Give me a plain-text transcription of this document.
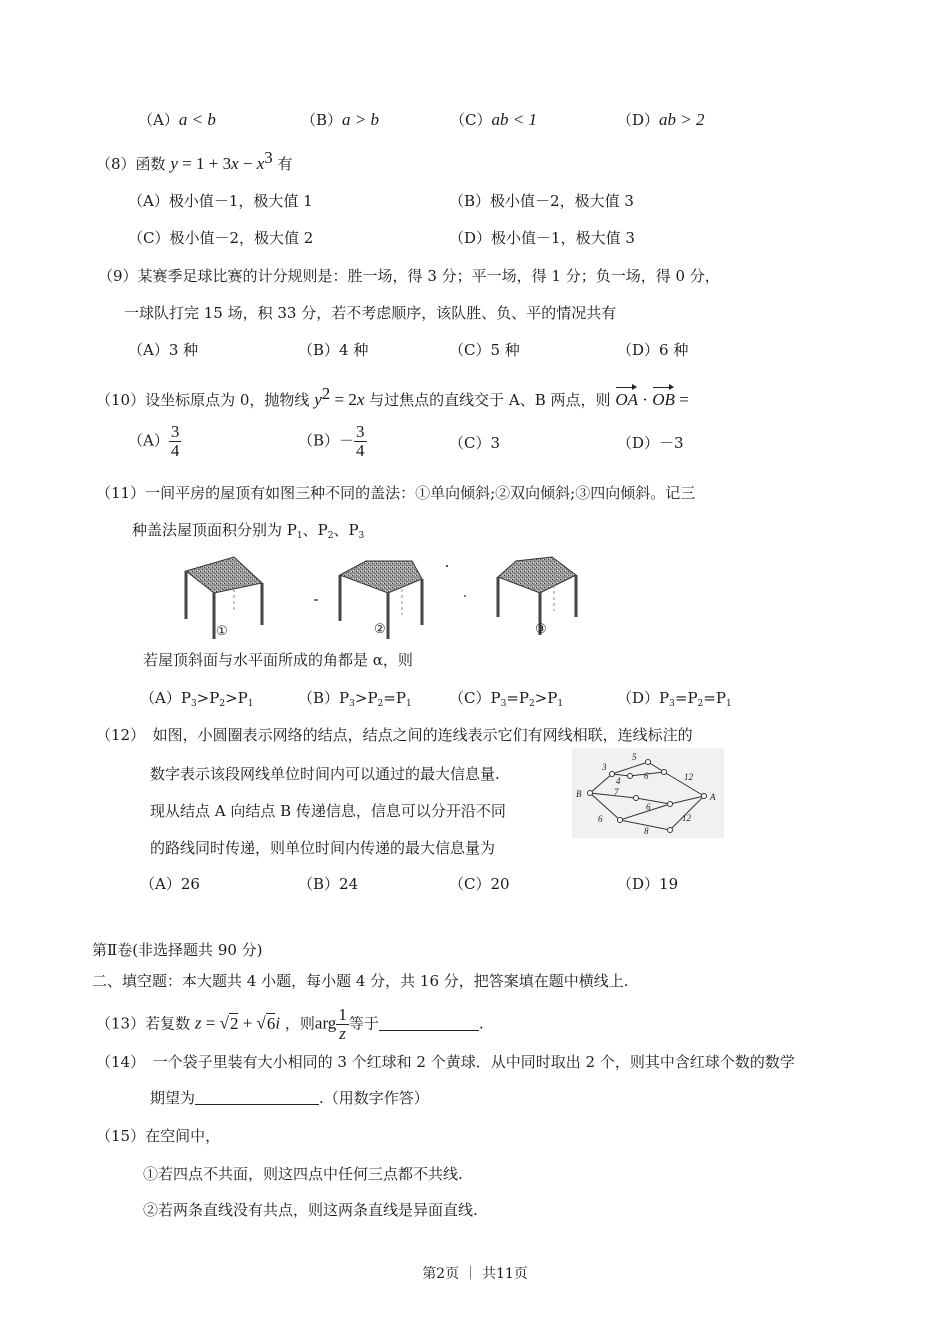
（A）a < b	（B）a > b	（C）ab < 1	（D）ab > 2
（8）函数 $y = 1 + 3x - x^3$ 有
（A）极小值－1，极大值 1	（B）极小值－2，极大值 3
（C）极小值－2，极大值 2	（D）极小值－1，极大值 3
（9）某赛季足球比赛的计分规则是：胜一场，得 3 分；平一场，得 1 分；负一场，得 0 分，
一球队打完 15 场，积 33 分，若不考虑顺序，该队胜、负、平的情况共有
（A）3 种	（B）4 种	（C）5 种	（D）6 种
（10）设坐标原点为 0，抛物线 $y^2 = 2x$ 与过焦点的直线交于 A、B 两点，则 OA · OB =
$(A) \frac{3}{4}$	$(B)- \frac{3}{4}$	（C）3	（D）－3
（11）一间平房的屋顶有如图三种不同的盖法：①单向倾斜;②双向倾斜;③四向倾斜。记三
种盖法屋顶面积分别为 $P_1$、$P_2$、$P_3$
①	②	③
若屋顶斜面与水平面所成的角都是 α，则
$(A)P_3>P_2>P_1$	$(B)P_3>P_2=P_1$ $(C)P_3=P_2>P_1$	$(D)P_3=P_2=P_1$
（12）　如图，小圆圈表示网络的结点，结点之间的连线表示它们有网线相联，连线标注的
数字表示该段网线单位时间内可以通过的最大信息量.
现从结点 A 向结点 B 传递信息，信息可以分开沿不同
的路线同时传递，则单位时间内传递的最大信息量为
B	A
3
5
4	6	12
7
6
6
8
12
（A）26	（B）24	（C）20	（D）19
第Ⅱ卷(非选择题共 90 分)
二、填空题：本大题共 4 小题，每小题 4 分，共 16 分，把答案填在题中横线上.
（13）若复数 z = √2 + √6i ，则arg $\frac{1}{z}$ 等于	.
（14）　一个袋子里装有大小相同的 3 个红球和 2 个黄球．从中同时取出 2 个，则其中含红球个数的数学
期望为	.（用数字作答）
（15）在空间中，
①若四点不共面，则这四点中任何三点都不共线.
②若两条直线没有共点，则这两条直线是异面直线.
第2页 ｜ 共11页
